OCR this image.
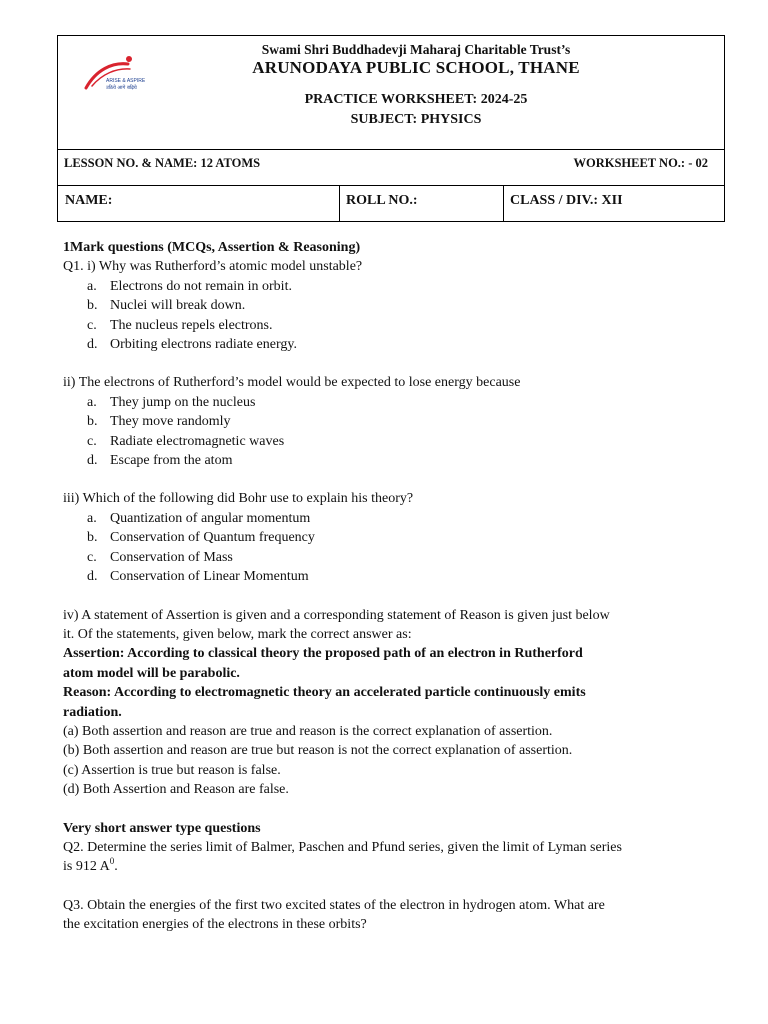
ARISE & ASPIRE
उठिये आगे बढ़िये
Swami Shri Buddhadevji Maharaj Charitable Trust’s
ARUNODAYA PUBLIC SCHOOL, THANE
PRACTICE WORKSHEET: 2024-25
SUBJECT: PHYSICS
LESSON NO. & NAME: 12 ATOMS	WORKSHEET NO.: - 02
NAME:	ROLL NO.:	CLASS / DIV.: XII

1Mark questions (MCQs, Assertion & Reasoning)

Q1. i) Why was Rutherford’s atomic model unstable?

a. Electrons do not remain in orbit.
b. Nuclei will break down.
c. The nucleus repels electrons.
d. Orbiting electrons radiate energy.

ii) The electrons of Rutherford’s model would be expected to lose energy because

a. They jump on the nucleus
b. They move randomly
c. Radiate electromagnetic waves
d. Escape from the atom

iii) Which of the following did Bohr use to explain his theory?

a. Quantization of angular momentum
b. Conservation of Quantum frequency
c. Conservation of Mass
d. Conservation of Linear Momentum

iv) A statement of Assertion is given and a corresponding statement of Reason is given just below

it. Of the statements, given below, mark the correct answer as:

Assertion: According to classical theory the proposed path of an electron in Rutherford

atom model will be parabolic.

Reason: According to electromagnetic theory an accelerated particle continuously emits

radiation.

(a) Both assertion and reason are true and reason is the correct explanation of assertion.

(b) Both assertion and reason are true but reason is not the correct explanation of assertion.

(c) Assertion is true but reason is false.

(d) Both Assertion and Reason are false.

Very short answer type questions

Q2. Determine the series limit of Balmer, Paschen and Pfund series, given the limit of Lyman series

is 912 $A^0$.

Q3. Obtain the energies of the first two excited states of the electron in hydrogen atom. What are

the excitation energies of the electrons in these orbits?
